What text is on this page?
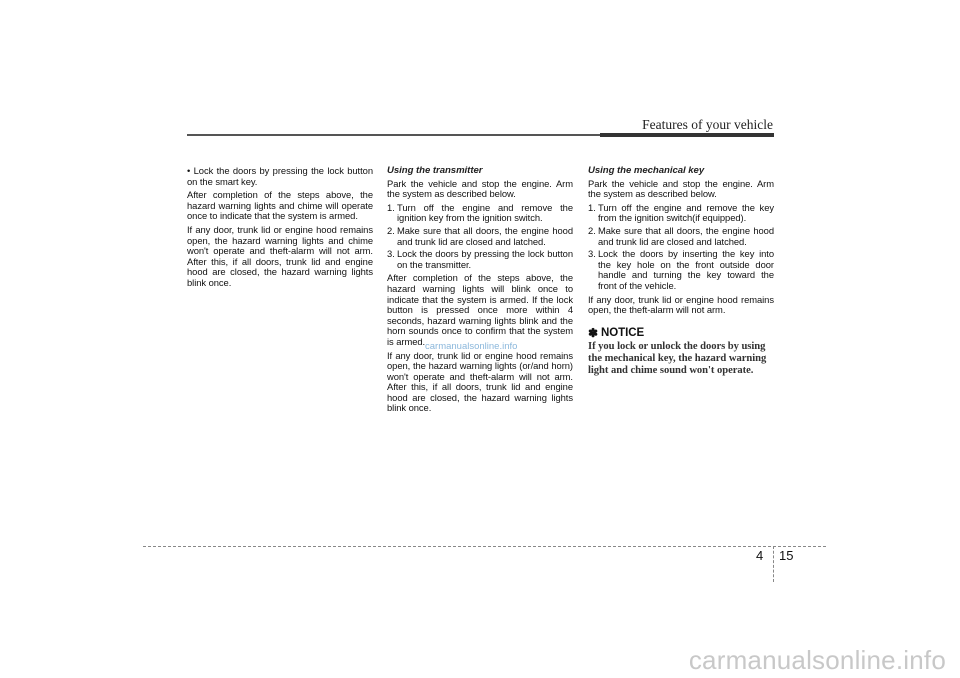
Features of your vehicle

• Lock the doors by pressing the lock button on the smart key.

After completion of the steps above, the hazard warning lights and chime will operate once to indicate that the system is armed.

If any door, trunk lid or engine hood remains open, the hazard warning lights and chime won't operate and theft-alarm will not arm. After this, if all doors, trunk lid and engine hood are closed, the hazard warning lights blink once.

Using the transmitter

Park the vehicle and stop the engine. Arm the system as described below.

1. Turn off the engine and remove the ignition key from the ignition switch.
2. Make sure that all doors, the engine hood and trunk lid are closed and latched.
3. Lock the doors by pressing the lock button on the transmitter.

After completion of the steps above, the hazard warning lights will blink once to indicate that the system is armed. If the lock button is pressed once more within 4 seconds, hazard warning lights blink and the horn sounds once to confirm that the system is armed.

If any door, trunk lid or engine hood remains open, the hazard warning lights (or/and horn) won't operate and theft-alarm will not arm. After this, if all doors, trunk lid and engine hood are closed, the hazard warning lights blink once.

Using the mechanical key

Park the vehicle and stop the engine. Arm the system as described below.

1. Turn off the engine and remove the key from the ignition switch(if equipped).
2. Make sure that all doors, the engine hood and trunk lid are closed and latched.
3. Lock the doors by inserting the key into the key hole on the front outside door handle and turning the key toward the front of the vehicle.

If any door, trunk lid or engine hood remains open, the theft-alarm will not arm.

✽ NOTICE
If you lock or unlock the doors by using the mechanical key, the hazard warning light and chime sound won't operate.
carmanualsonline.info
4 15
carmanualsonline.info
